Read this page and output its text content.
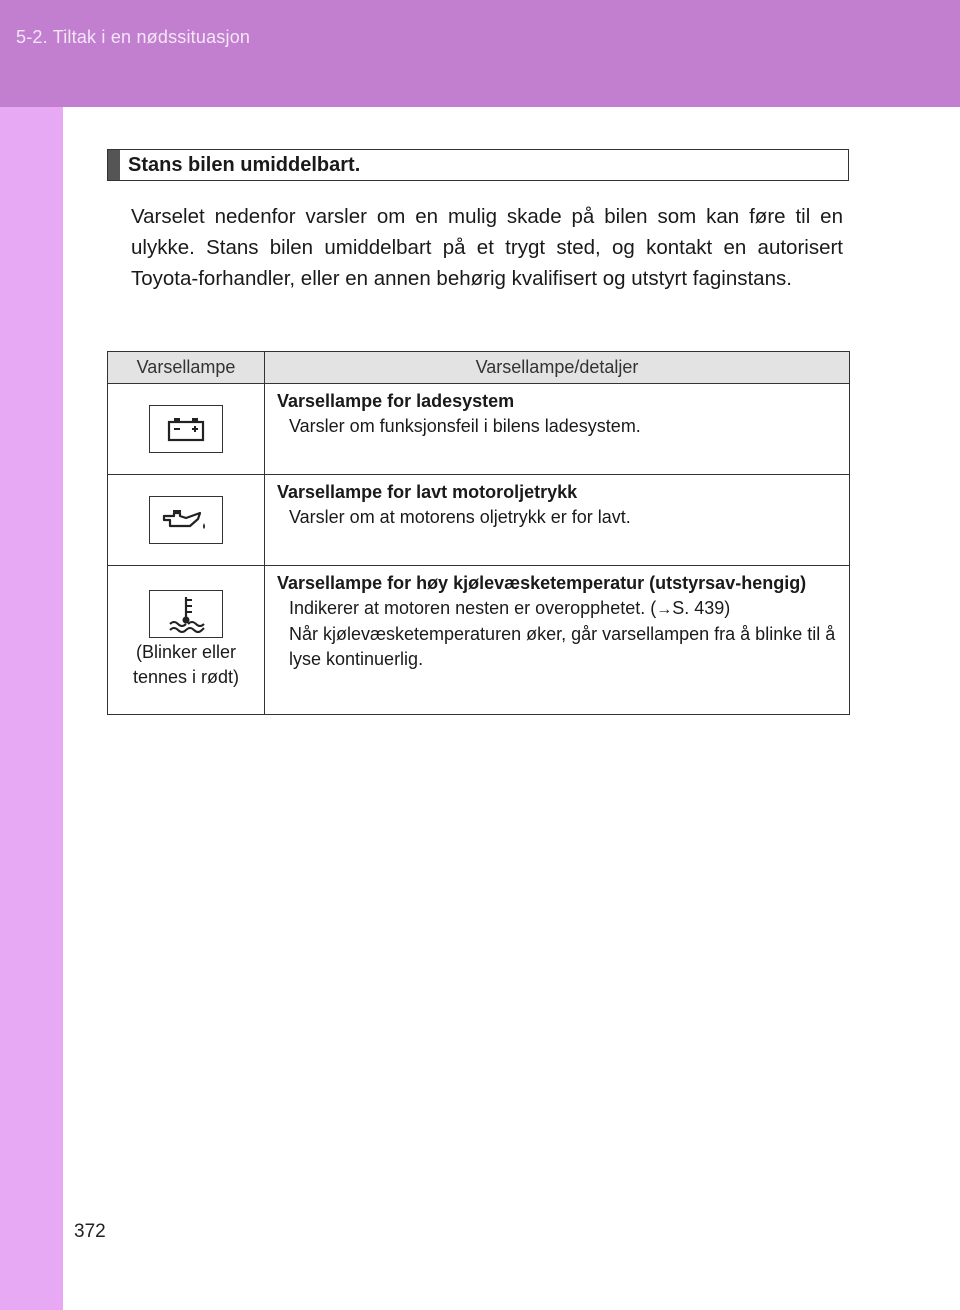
5-2. Tiltak i en nødssituasjon
372
Stans bilen umiddelbart.
Varselet nedenfor varsler om en mulig skade på bilen som kan føre til en ulykke. Stans bilen umiddelbart på et trygt sted, og kontakt en autorisert Toyota-forhandler, eller en annen behørig kvalifisert og utstyrt faginstans.
Varsellampe	Varsellampe/detaljer

Varsellampe for ladesystem
Varsler om funksjonsfeil i bilens ladesystem.

Varsellampe for lavt motoroljetrykk
Varsler om at motorens oljetrykk er for lavt.

(Blinker eller tennes i rødt)	Varsellampe for høy kjølevæsketemperatur (utstyrsav-hengig)
Indikerer at motoren nesten er overopphetet. (→S. 439)
Når kjølevæsketemperaturen øker, går varsellampen fra å blinke til å lyse kontinuerlig.
